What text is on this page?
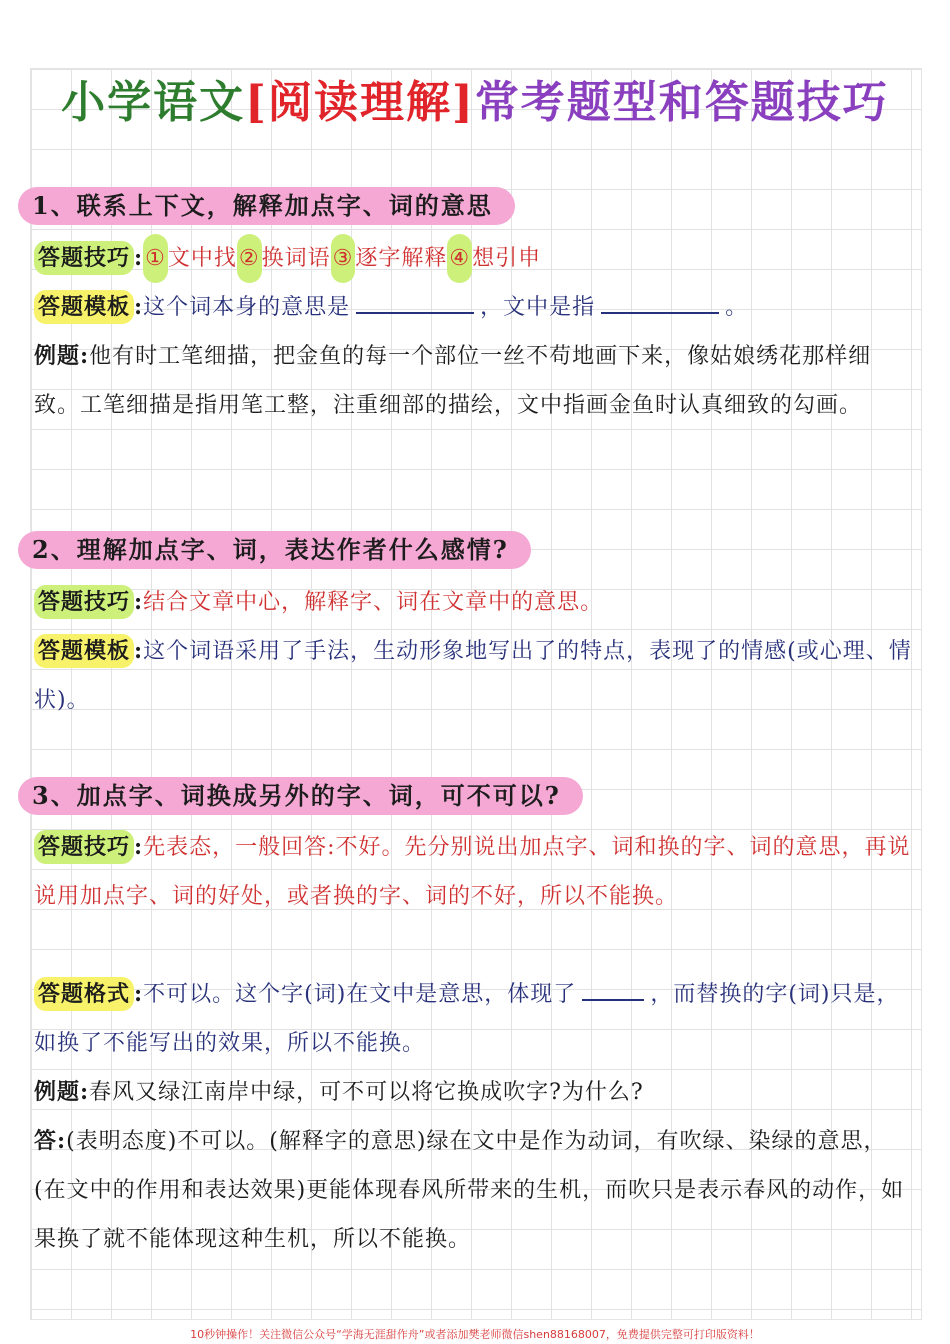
小学语文[阅读理解]常考题型和答题技巧
1、联系上下文，解释加点字、词的意思
答题技巧 :①文中找②换词语③逐字解释④想引申
答题模板 :这个词本身的意思是	，文中是指	。
例题:他有时工笔细描，把金鱼的每一个部位一丝不苟地画下来，像姑娘绣花那样细致。工笔细描是指用笔工整，注重细部的描绘，文中指画金鱼时认真细致的勾画。
2、理解加点字、词，表达作者什么感情?
答题技巧 :结合文章中心，解释字、词在文章中的意思。
答题模板 :这个词语采用了手法，生动形象地写出了的特点，表现了的情感(或心理、情状)。
3、加点字、词换成另外的字、词，可不可以?
答题技巧 :先表态，一般回答:不好。先分别说出加点字、词和换的字、词的意思，再说说用加点字、词的好处，或者换的字、词的不好，所以不能换。
答题格式 :不可以。这个字(词)在文中是意思，体现了	，而替换的字(词)只是，如换了不能写出的效果，所以不能换。
例题:春风又绿江南岸中绿，可不可以将它换成吹字?为什么?
答:(表明态度)不可以。(解释字的意思)绿在文中是作为动词，有吹绿、染绿的意思，(在文中的作用和表达效果)更能体现春风所带来的生机，而吹只是表示春风的动作，如果换了就不能体现这种生机，所以不能换。
10秒钟操作！关注微信公众号“学海无涯甜作舟”或者添加樊老师微信shen88168007，免费提供完整可打印版资料！
